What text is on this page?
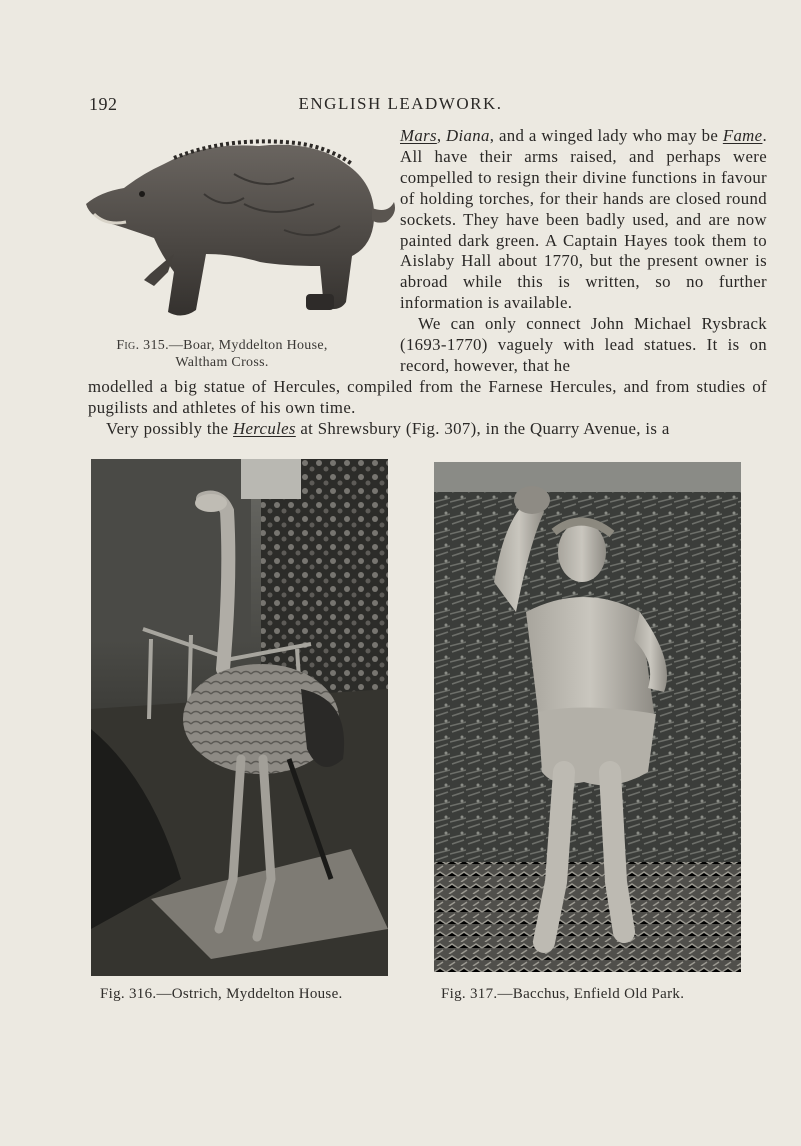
192	ENGLISH LEADWORK.
Fig. 315.—Boar, Myddelton House,
Waltham Cross.

Mars, Diana, and a winged lady who may be Fame. All have their arms raised, and perhaps were compelled to resign their divine functions in favour of holding torches, for their hands are closed round sockets. They have been badly used, and are now painted dark green. A Captain Hayes took them to Aislaby Hall about 1770, but the present owner is abroad while this is written, so no further information is available.

We can only connect John Michael Rysbrack (1693-1770) vaguely with lead statues. It is on record, however, that he

modelled a big statue of Hercules, compiled from the Farnese Hercules, and from studies of pugilists and athletes of his own time.

Very possibly the Hercules at Shrewsbury (Fig. 307), in the Quarry Avenue, is a

Fig. 316.—Ostrich, Myddelton House.	Fig. 317.—Bacchus, Enfield Old Park.
